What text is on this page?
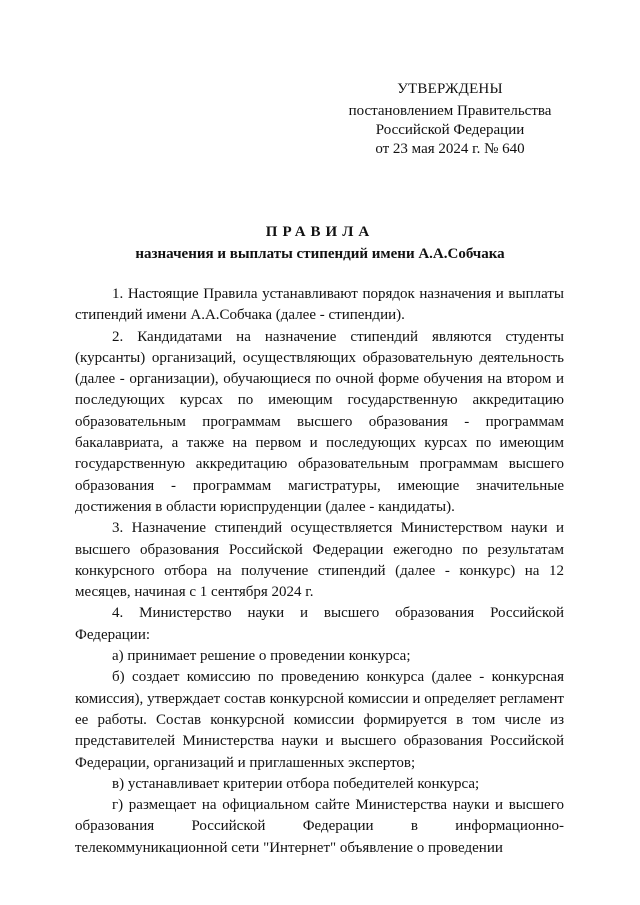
УТВЕРЖДЕНЫ
постановлением Правительства
Российской Федерации
от 23 мая 2024 г. № 640
ПРАВИЛА
назначения и выплаты стипендий имени А.А.Собчака

1. Настоящие Правила устанавливают порядок назначения и выплаты стипендий имени А.А.Собчака (далее - стипендии).

2. Кандидатами на назначение стипендий являются студенты (курсанты) организаций, осуществляющих образовательную деятельность (далее - организации), обучающиеся по очной форме обучения на втором и последующих курсах по имеющим государственную аккредитацию образовательным программам высшего образования - программам бакалавриата, а также на первом и последующих курсах по имеющим государственную аккредитацию образовательным программам высшего образования - программам магистратуры, имеющие значительные достижения в области юриспруденции (далее - кандидаты).

3. Назначение стипендий осуществляется Министерством науки и высшего образования Российской Федерации ежегодно по результатам конкурсного отбора на получение стипендий (далее - конкурс) на 12 месяцев, начиная с 1 сентября 2024 г.

4. Министерство науки и высшего образования Российской Федерации:

а) принимает решение о проведении конкурса;

б) создает комиссию по проведению конкурса (далее - конкурсная комиссия), утверждает состав конкурсной комиссии и определяет регламент ее работы. Состав конкурсной комиссии формируется в том числе из представителей Министерства науки и высшего образования Российской Федерации, организаций и приглашенных экспертов;

в) устанавливает критерии отбора победителей конкурса;

г) размещает на официальном сайте Министерства науки и высшего образования Российской Федерации в информационно-телекоммуникационной сети "Интернет" объявление о проведении
